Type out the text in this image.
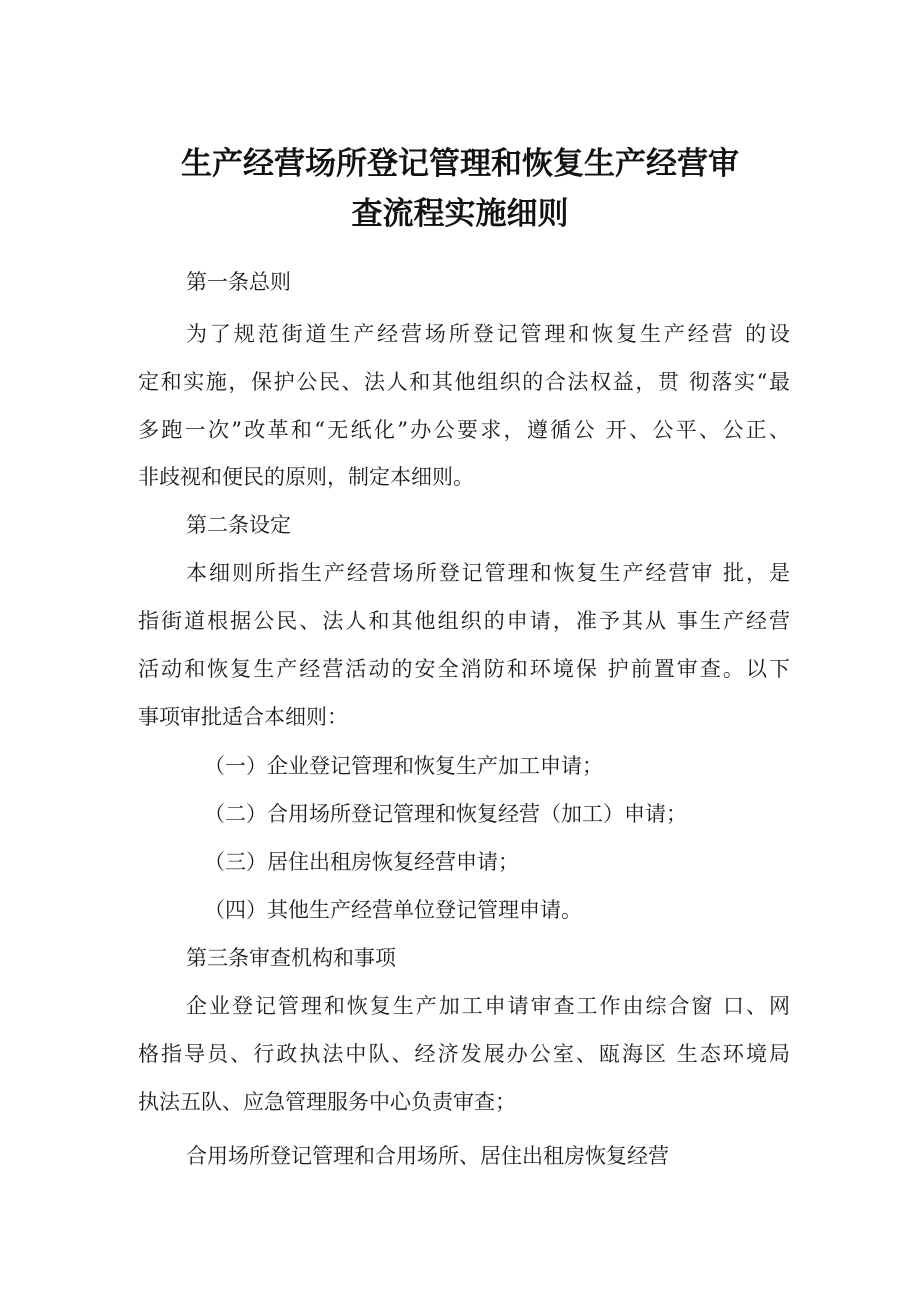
生产经营场所登记管理和恢复生产经营审
查流程实施细则
第一条总则
为了规范街道生产经营场所登记管理和恢复生产经营 的设
定和实施，保护公民、法人和其他组织的合法权益，贯 彻落实“最
多跑一次”改革和“无纸化”办公要求，遵循公 开、公平、公正、
非歧视和便民的原则，制定本细则。
第二条设定
本细则所指生产经营场所登记管理和恢复生产经营审 批，是
指街道根据公民、法人和其他组织的申请，准予其从 事生产经营
活动和恢复生产经营活动的安全消防和环境保 护前置审查。以下
事项审批适合本细则：
（一）企业登记管理和恢复生产加工申请；
（二）合用场所登记管理和恢复经营（加工）申请；
（三）居住出租房恢复经营申请；
（四）其他生产经营单位登记管理申请。
第三条审查机构和事项
企业登记管理和恢复生产加工申请审查工作由综合窗 口、网
格指导员、行政执法中队、经济发展办公室、瓯海区 生态环境局
执法五队、应急管理服务中心负责审查；
合用场所登记管理和合用场所、居住出租房恢复经营
